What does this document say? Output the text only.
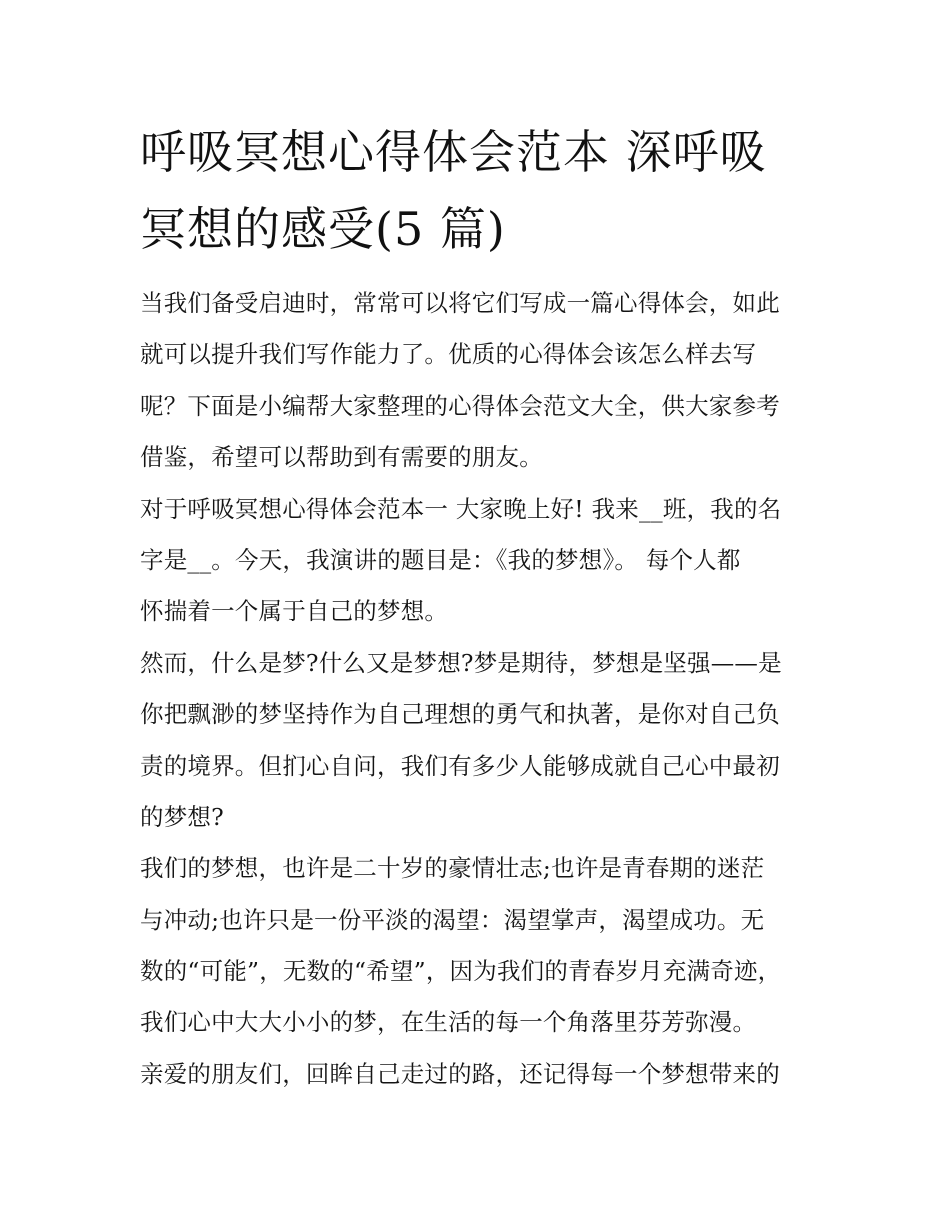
呼吸冥想心得体会范本 深呼吸
冥想的感受(5 篇)

当我们备受启迪时，常常可以将它们写成一篇心得体会，如此
就可以提升我们写作能力了。优质的心得体会该怎么样去写
呢？下面是小编帮大家整理的心得体会范文大全，供大家参考
借鉴，希望可以帮助到有需要的朋友。

对于呼吸冥想心得体会范本一 大家晚上好! 我来__班，我的名
字是__。今天，我演讲的题目是：《我的梦想》。 每个人都
怀揣着一个属于自己的梦想。

然而，什么是梦?什么又是梦想?梦是期待，梦想是坚强——是
你把飘渺的梦坚持作为自己理想的勇气和执著，是你对自己负
责的境界。但扪心自问，我们有多少人能够成就自己心中最初
的梦想?

我们的梦想，也许是二十岁的豪情壮志;也许是青春期的迷茫
与冲动;也许只是一份平淡的渴望：渴望掌声，渴望成功。无
数的“可能”，无数的“希望”，因为我们的青春岁月充满奇迹，
我们心中大大小小的梦，在生活的每一个角落里芬芳弥漫。

亲爱的朋友们，回眸自己走过的路，还记得每一个梦想带来的
